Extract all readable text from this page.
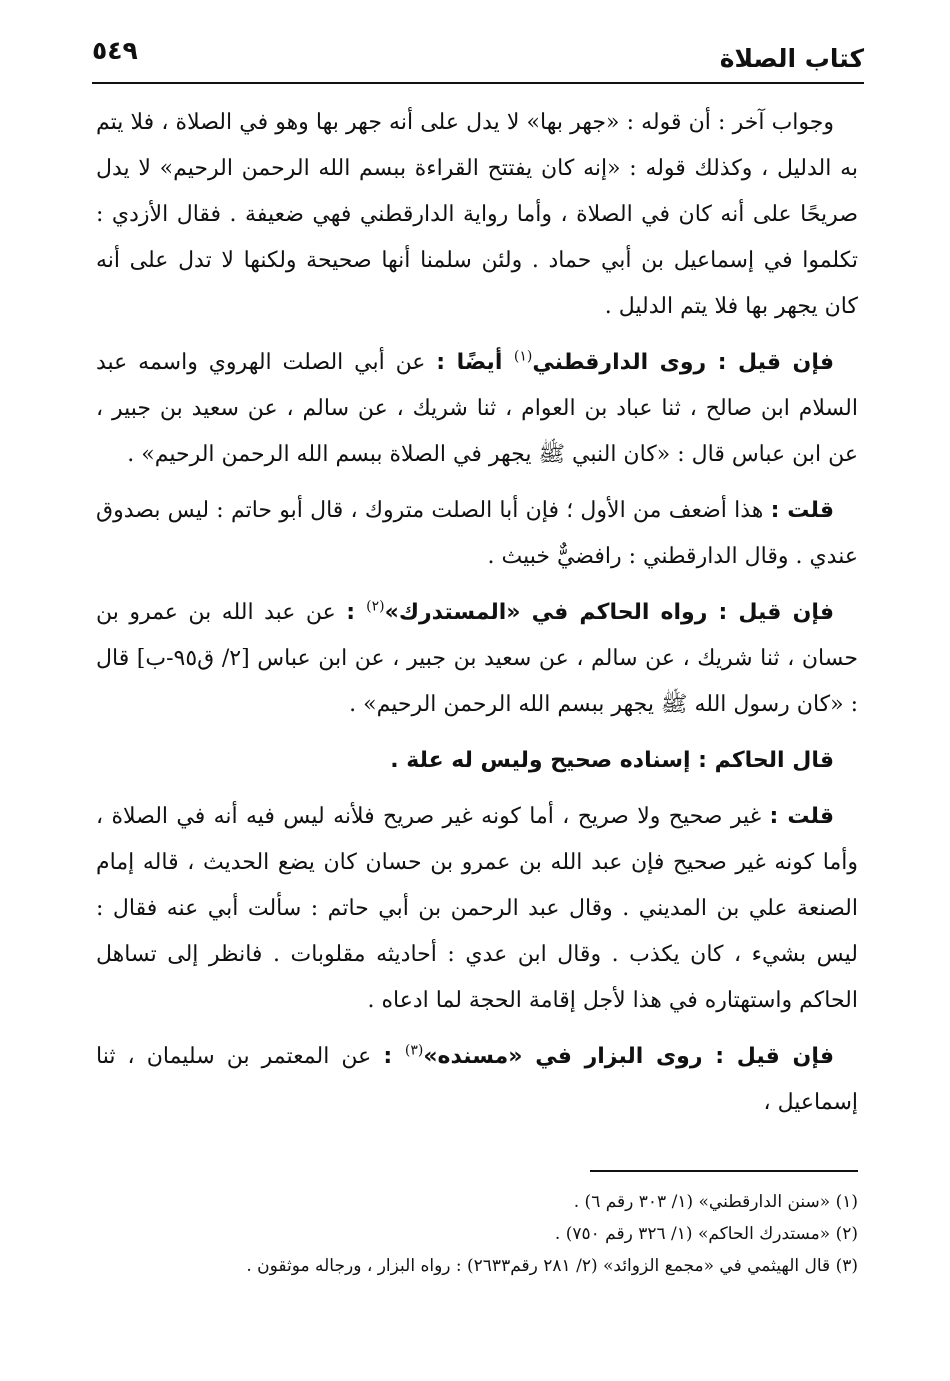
كتاب الصلاة
٥٤٩

وجواب آخر : أن قوله : «جهر بها» لا يدل على أنه جهر بها وهو في الصلاة ، فلا يتم به الدليل ، وكذلك قوله : «إنه كان يفتتح القراءة ببسم الله الرحمن الرحيم» لا يدل صريحًا على أنه كان في الصلاة ، وأما رواية الدارقطني فهي ضعيفة . فقال الأزدي : تكلموا في إسماعيل بن أبي حماد . ولئن سلمنا أنها صحيحة ولكنها لا تدل على أنه كان يجهر بها فلا يتم الدليل .

فإن قيل : روى الدارقطني$^{(١)}$ أيضًا : عن أبي الصلت الهروي واسمه عبد السلام ابن صالح ، ثنا عباد بن العوام ، ثنا شريك ، عن سالم ، عن سعيد بن جبير ، عن ابن عباس قال : «كان النبي ﷺ يجهر في الصلاة ببسم الله الرحمن الرحيم» .

قلت : هذا أضعف من الأول ؛ فإن أبا الصلت متروك ، قال أبو حاتم : ليس بصدوق عندي . وقال الدارقطني : رافضيٌّ خبيث .

فإن قيل : رواه الحاكم في «المستدرك»$^{(٢)}$ : عن عبد الله بن عمرو بن حسان ، ثنا شريك ، عن سالم ، عن سعيد بن جبير ، عن ابن عباس [٢/ ق٩٥-ب] قال : «كان رسول الله ﷺ يجهر ببسم الله الرحمن الرحيم» .

قال الحاكم : إسناده صحيح وليس له علة .

قلت : غير صحيح ولا صريح ، أما كونه غير صريح فلأنه ليس فيه أنه في الصلاة ، وأما كونه غير صحيح فإن عبد الله بن عمرو بن حسان كان يضع الحديث ، قاله إمام الصنعة علي بن المديني . وقال عبد الرحمن بن أبي حاتم : سألت أبي عنه فقال : ليس بشيء ، كان يكذب . وقال ابن عدي : أحاديثه مقلوبات . فانظر إلى تساهل الحاكم واستهتاره في هذا لأجل إقامة الحجة لما ادعاه .

فإن قيل : روى البزار في «مسنده»$^{(٣)}$ : عن المعتمر بن سليمان ، ثنا إسماعيل ،

(١) «سنن الدارقطني» (١/ ٣٠٣ رقم ٦) .
(٢) «مستدرك الحاكم» (١/ ٣٢٦ رقم ٧٥٠) .
(٣) قال الهيثمي في «مجمع الزوائد» (٢/ ٢٨١ رقم٢٦٣٣) : رواه البزار ، ورجاله موثقون .
